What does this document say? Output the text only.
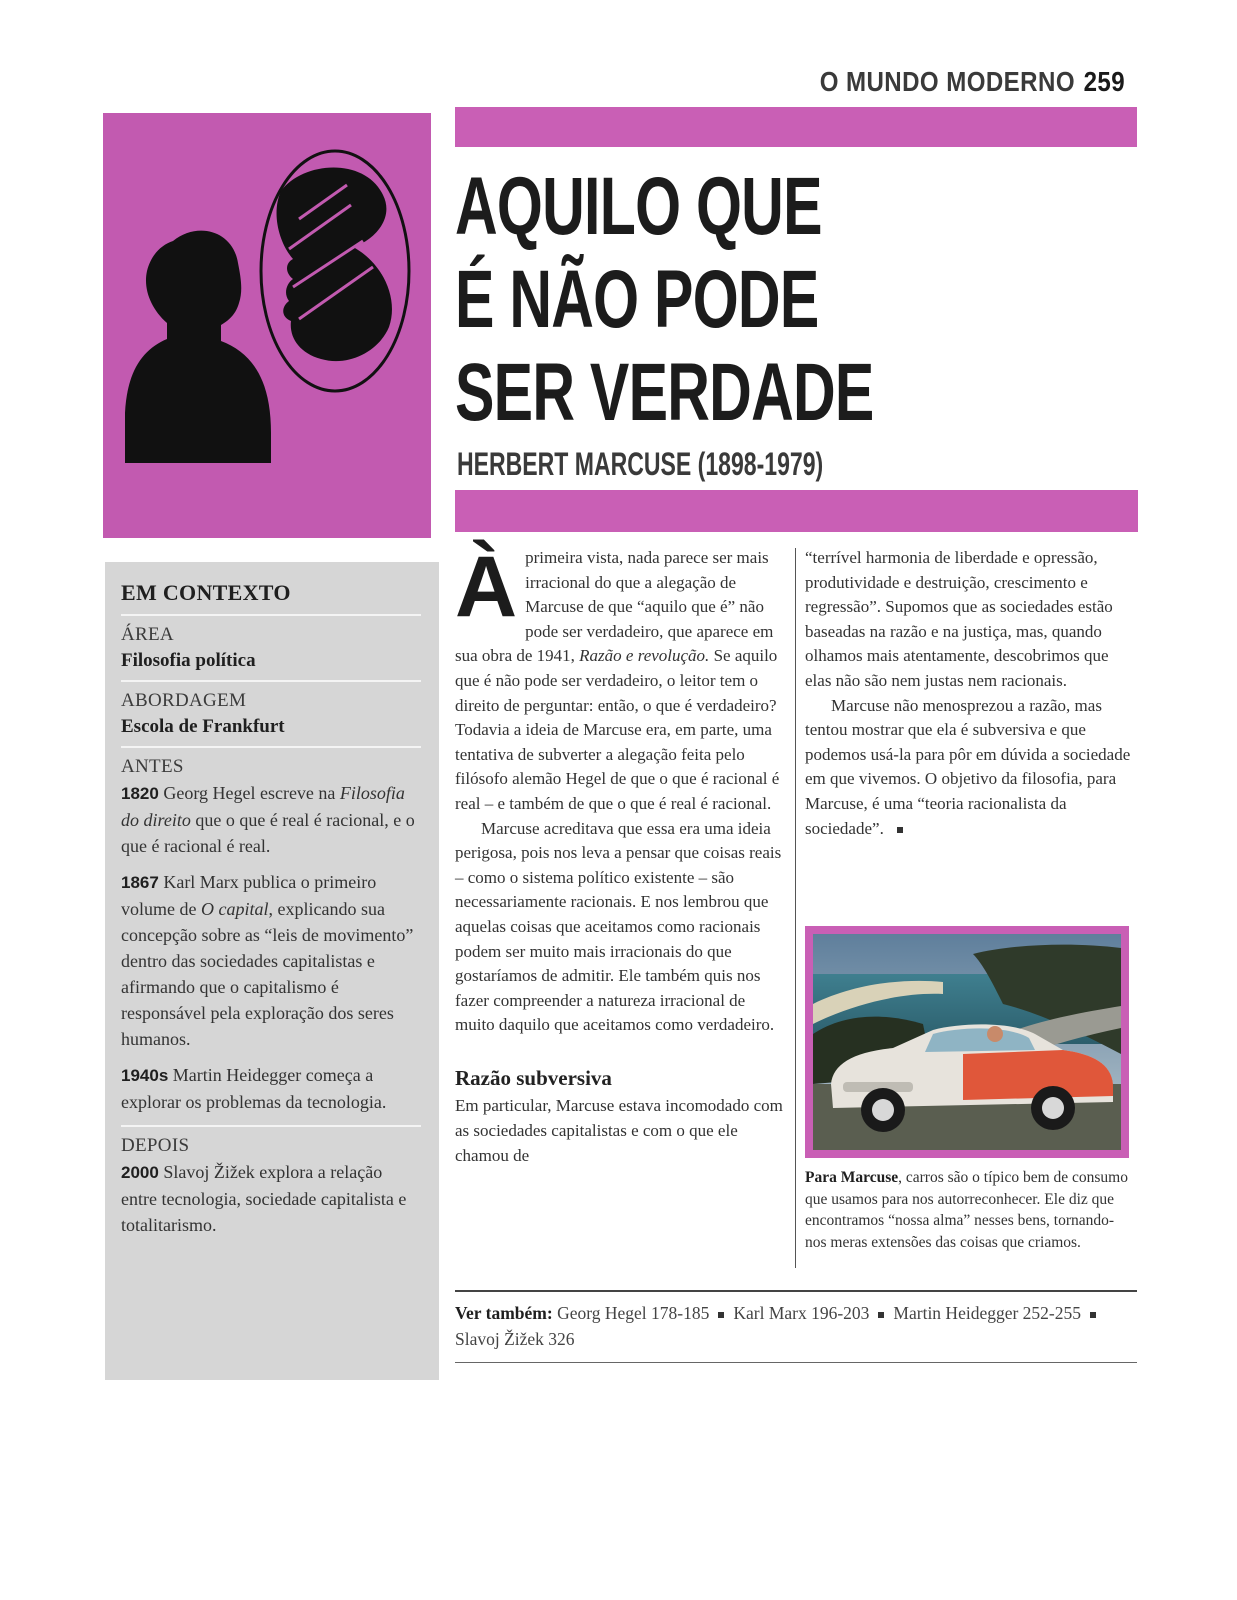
O MUNDO MODERNO 259
AQUILO QUE
É NÃO PODE
SER VERDADE
HERBERT MARCUSE (1898-1979)
EM CONTEXTO
ÁREA
Filosofia política
ABORDAGEM
Escola de Frankfurt
ANTES
1820 Georg Hegel escreve na Filosofia do direito que o que é real é racional, e o que é racional é real.
1867 Karl Marx publica o primeiro volume de O capital, explicando sua concepção sobre as “leis de movimento” dentro das sociedades capitalistas e afirmando que o capitalismo é responsável pela exploração dos seres humanos.
1940s Martin Heidegger começa a explorar os problemas da tecnologia.
DEPOIS
2000 Slavoj Žižek explora a relação entre tecnologia, sociedade capitalista e totalitarismo.

Àprimeira vista, nada parece ser mais irracional do que a alegação de Marcuse de que “aquilo que é” não pode ser verdadeiro, que aparece em sua obra de 1941, Razão e revolução. Se aquilo que é não pode ser verdadeiro, o leitor tem o direito de perguntar: então, o que é verdadeiro? Todavia a ideia de Marcuse era, em parte, uma tentativa de subverter a alegação feita pelo filósofo alemão Hegel de que o que é racional é real – e também de que o que é real é racional.

Marcuse acreditava que essa era uma ideia perigosa, pois nos leva a pensar que coisas reais – como o sistema político existente – são necessariamente racionais. E nos lembrou que aquelas coisas que aceitamos como racionais podem ser muito mais irracionais do que gostaríamos de admitir. Ele também quis nos fazer compreender a natureza irracional de muito daquilo que aceitamos como verdadeiro.

Razão subversiva

Em particular, Marcuse estava incomodado com as sociedades capitalistas e com o que ele chamou de

“terrível harmonia de liberdade e opressão, produtividade e destruição, crescimento e regressão”. Supomos que as sociedades estão baseadas na razão e na justiça, mas, quando olhamos mais atentamente, descobrimos que elas não são nem justas nem racionais.

Marcuse não menosprezou a razão, mas tentou mostrar que ela é subversiva e que podemos usá-la para pôr em dúvida a sociedade em que vivemos. O objetivo da filosofia, para Marcuse, é uma “teoria racionalista da sociedade”.

Para Marcuse, carros são o típico bem de consumo que usamos para nos autorreconhecer. Ele diz que encontramos “nossa alma” nesses bens, tornando-nos meras extensões das coisas que criamos.
Ver também: Georg Hegel 178-185 Karl Marx 196-203 Martin Heidegger 252-255Slavoj Žižek 326
